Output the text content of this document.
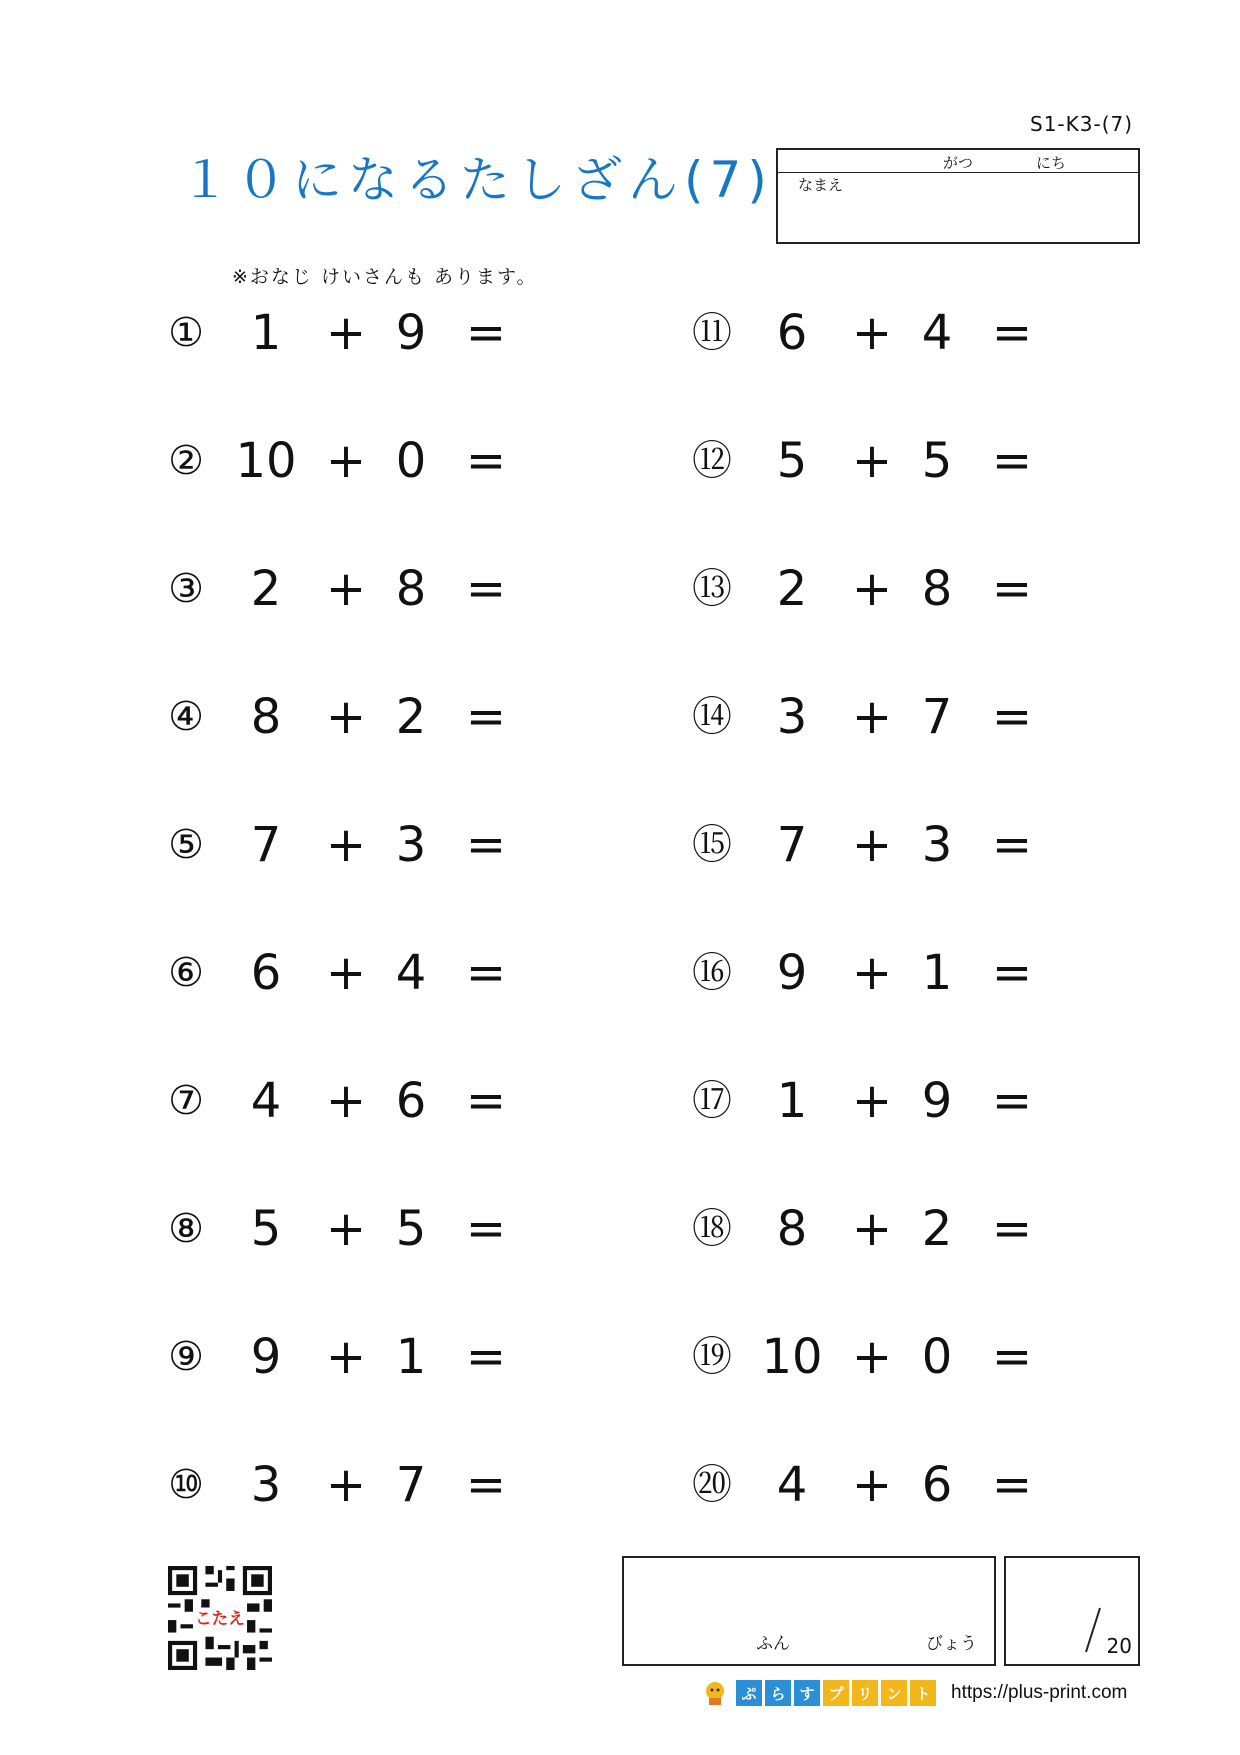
S1-K3-(7)
１０になるたしざん(7)	がつ	にち
なまえ
※おなじ けいさんも あります。
① 1 + 9 =
② 10 + 0 =
③ 2 + 8 =
④ 8 + 2 =
⑤ 7 + 3 =
⑥ 6 + 4 =
⑦ 4 + 6 =
⑧ 5 + 5 =
⑨ 9 + 1 =
⑩ 3 + 7 =
⑪ 6 + 4 =
⑫ 5 + 5 =
⑬ 2 + 8 =
⑭ 3 + 7 =
⑮ 7 + 3 =
⑯ 9 + 1 =
⑰ 1 + 9 =
⑱ 8 + 2 =
⑲ 10 + 0 =
⑳ 4 + 6 =
こたえ
ふん	びょう	20
ぷ ら す プ リ ン ト https://plus-print.com
